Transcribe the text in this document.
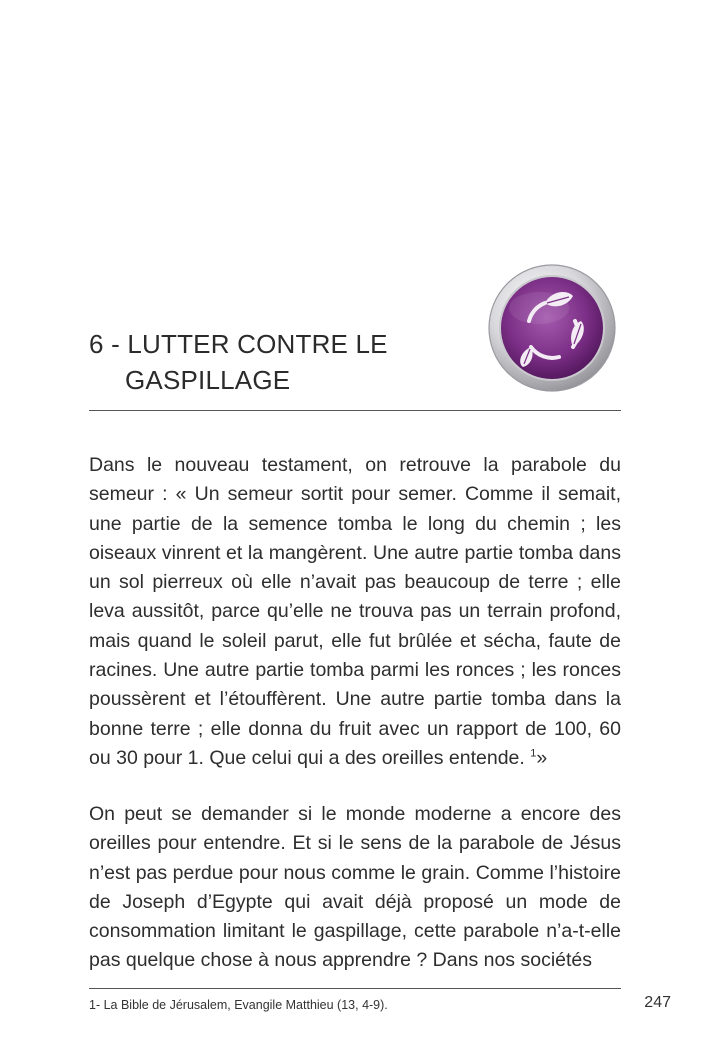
6 - LUTTER CONTRE LE
GASPILLAGE

Dans le nouveau testament, on retrouve la parabole du semeur : « Un semeur sortit pour semer. Comme il semait, une partie de la semence tomba le long du chemin ; les oiseaux vinrent et la mangèrent. Une autre partie tomba dans un sol pierreux où elle n’avait pas beaucoup de terre ; elle leva aussitôt, parce qu’elle ne trouva pas un terrain profond, mais quand le soleil parut, elle fut brûlée et sécha, faute de racines. Une autre partie tomba parmi les ronces ; les ronces poussèrent et l’étouffèrent. Une autre partie tomba dans la bonne terre ; elle donna du fruit avec un rapport de 100, 60 ou 30 pour 1. Que celui qui a des oreilles entende. $^1$»

On peut se demander si le monde moderne a encore des oreilles pour entendre. Et si le sens de la parabole de Jésus n’est pas perdue pour nous comme le grain. Comme l’histoire de Joseph d’Egypte qui avait déjà proposé un mode de consommation limitant le gaspillage, cette parabole n’a-t-elle pas quelque chose à nous apprendre ? Dans nos sociétés

1- La Bible de Jérusalem, Evangile Matthieu (13, 4-9).	247
